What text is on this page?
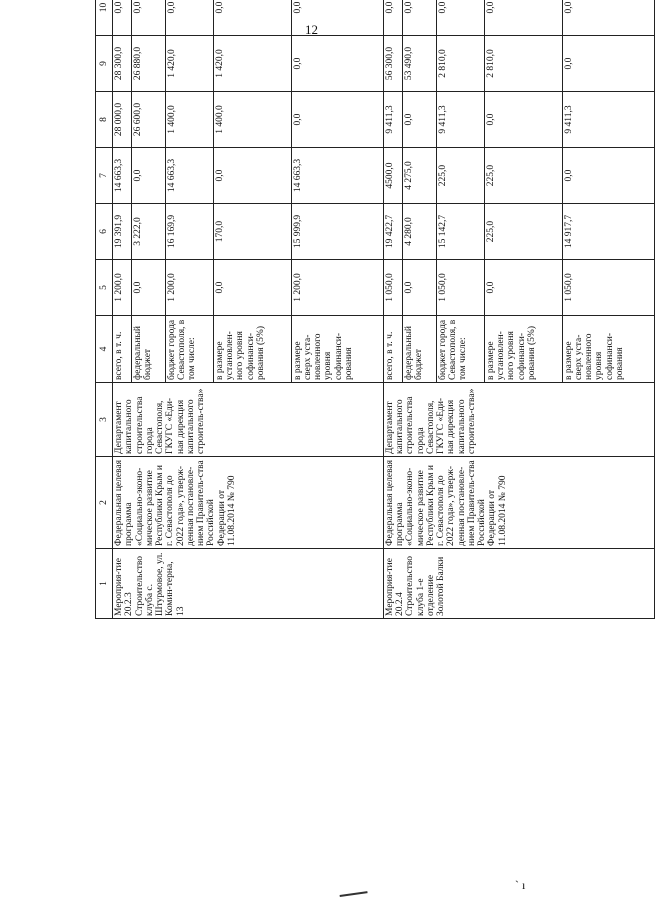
12
1	2	3	4	5	6	7	8	9	10			
Мероприя-тие 20.2.3 Строительство клуба с. Штурмовое, ул. Комин-терна, 13	Федеральная целевая программа «Социально-эконо-мическое развитие Республики Крым и г. Севастополя до 2022 года», утверж-денная постановле-нием Правитель-ства Российской Федерации от 11.08.2014 № 790	Департамент капитального строительства города Севастополя, ГКУГС «Еди-ная дирекция капитального строитель-ства»	всего, в т. ч.	1 200,0	19 391,9	14 663,3	28 000,0	28 300,0	0,0			
			федеральный бюджет	0,0	3 222,0	0,0	26 600,0	26 880,0	0,0			
			бюджет города Севастополя, в том числе:	1 200,0	16 169,9	14 663,3	1 400,0	1 420,0	0,0			
			в размере установлен-ного уровня софинанси-рования (5%)	0,0	170,0	0,0	1 400,0	1 420,0	0,0			
			в размере сверх уста-новленного уровня софинанси-рования	1 200,0	15 999,9	14 663,3	0,0	0,0	0,0			
Мероприя-тие 20.2.4 Строительство клуба 1-е отделение Золотой Балки	Федеральная целевая программа «Социально-эконо-мическое развитие Республики Крым и г. Севастополя до 2022 года», утверж-денная постановле-нием Правитель-ства Российской Федерации от 11.08.2014 № 790	Департамент капитального строительства города Севастополя, ГКУГС «Еди-ная дирекция капитального строитель-ства»	всего, в т. ч.	1 050,0	19 422,7	4500,0	9 411,3	56 300,0	0,0			
			федеральный бюджет	0,0	4 280,0	4 275,0	0,0	53 490,0	0,0			
			бюджет города Севастополя, в том числе:	1 050,0	15 142,7	225,0	9 411,3	2 810,0	0,0			
			в размере установлен-ного уровня софинанси-рования (5%)	0,0	225,0	225,0	0,0	2 810,0	0,0			
			в размере сверх уста-новленного уровня софинанси-рования	1 050,0	14 917,7	0,0	9 411,3	0,0	0,0			
` ı
